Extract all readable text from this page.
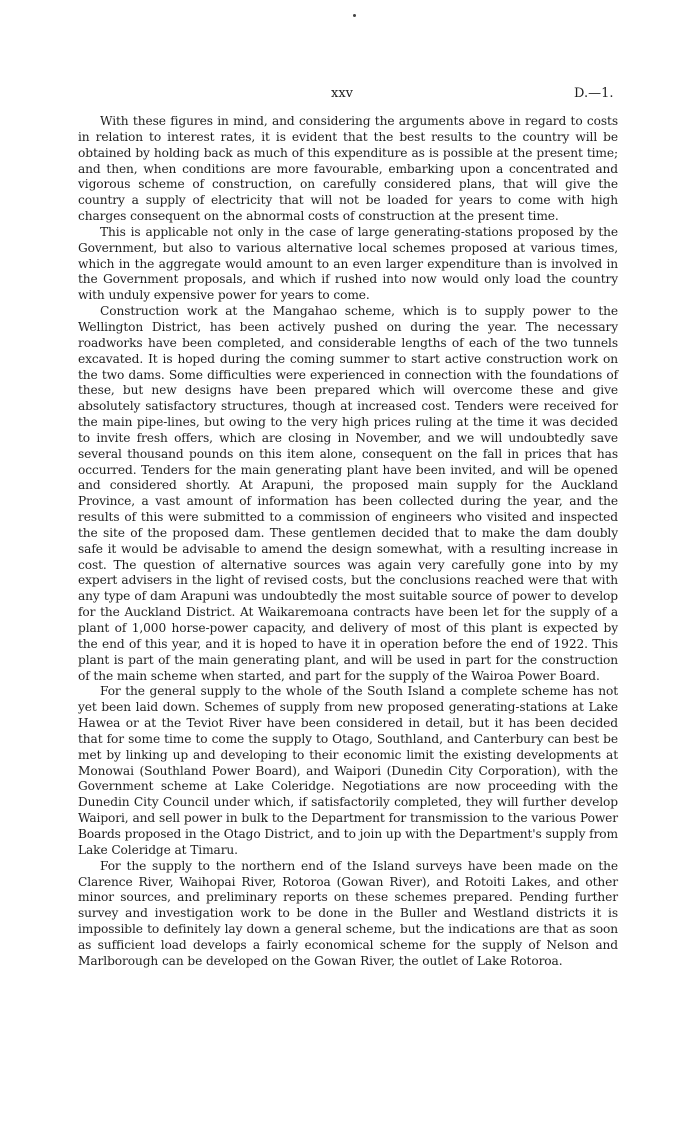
xxv	D.—1.

With these figures in mind, and considering the arguments above in regard to costs in relation to interest rates, it is evident that the best results to the country will be obtained by holding back as much of this expenditure as is possible at the present time; and then, when conditions are more favourable, embarking upon a concentrated and vigorous scheme of construction, on carefully considered plans, that will give the country a supply of electricity that will not be loaded for years to come with high charges consequent on the abnormal costs of construction at the present time.

This is applicable not only in the case of large generating-stations proposed by the Government, but also to various alternative local schemes proposed at various times, which in the aggregate would amount to an even larger expenditure than is involved in the Government proposals, and which if rushed into now would only load the country with unduly expensive power for years to come.

Construction work at the Mangahao scheme, which is to supply power to the Wellington District, has been actively pushed on during the year. The necessary roadworks have been completed, and considerable lengths of each of the two tunnels excavated. It is hoped during the coming summer to start active construction work on the two dams. Some difficulties were experienced in connection with the foundations of these, but new designs have been prepared which will overcome these and give absolutely satisfactory structures, though at increased cost. Tenders were received for the main pipe-lines, but owing to the very high prices ruling at the time it was decided to invite fresh offers, which are closing in November, and we will undoubtedly save several thousand pounds on this item alone, consequent on the fall in prices that has occurred. Tenders for the main generating plant have been invited, and will be opened and considered shortly. At Arapuni, the proposed main supply for the Auckland Province, a vast amount of information has been collected during the year, and the results of this were submitted to a commission of engineers who visited and inspected the site of the proposed dam. These gentlemen decided that to make the dam doubly safe it would be advisable to amend the design somewhat, with a resulting increase in cost. The question of alternative sources was again very carefully gone into by my expert advisers in the light of revised costs, but the conclusions reached were that with any type of dam Arapuni was undoubtedly the most suitable source of power to develop for the Auckland District. At Waikaremoana contracts have been let for the supply of a plant of 1,000 horse-power capacity, and delivery of most of this plant is expected by the end of this year, and it is hoped to have it in operation before the end of 1922. This plant is part of the main generating plant, and will be used in part for the construction of the main scheme when started, and part for the supply of the Wairoa Power Board.

For the general supply to the whole of the South Island a complete scheme has not yet been laid down. Schemes of supply from new proposed generating-stations at Lake Hawea or at the Teviot River have been considered in detail, but it has been decided that for some time to come the supply to Otago, Southland, and Canterbury can best be met by linking up and developing to their economic limit the existing developments at Monowai (Southland Power Board), and Waipori (Dunedin City Corporation), with the Government scheme at Lake Coleridge. Negotiations are now proceeding with the Dunedin City Council under which, if satisfactorily completed, they will further develop Waipori, and sell power in bulk to the Department for transmission to the various Power Boards proposed in the Otago District, and to join up with the Department's supply from Lake Coleridge at Timaru.

For the supply to the northern end of the Island surveys have been made on the Clarence River, Waihopai River, Rotoroa (Gowan River), and Rotoiti Lakes, and other minor sources, and preliminary reports on these schemes prepared. Pending further survey and investigation work to be done in the Buller and Westland districts it is impossible to definitely lay down a general scheme, but the indications are that as soon as sufficient load develops a fairly economical scheme for the supply of Nelson and Marlborough can be developed on the Gowan River, the outlet of Lake Rotoroa.
